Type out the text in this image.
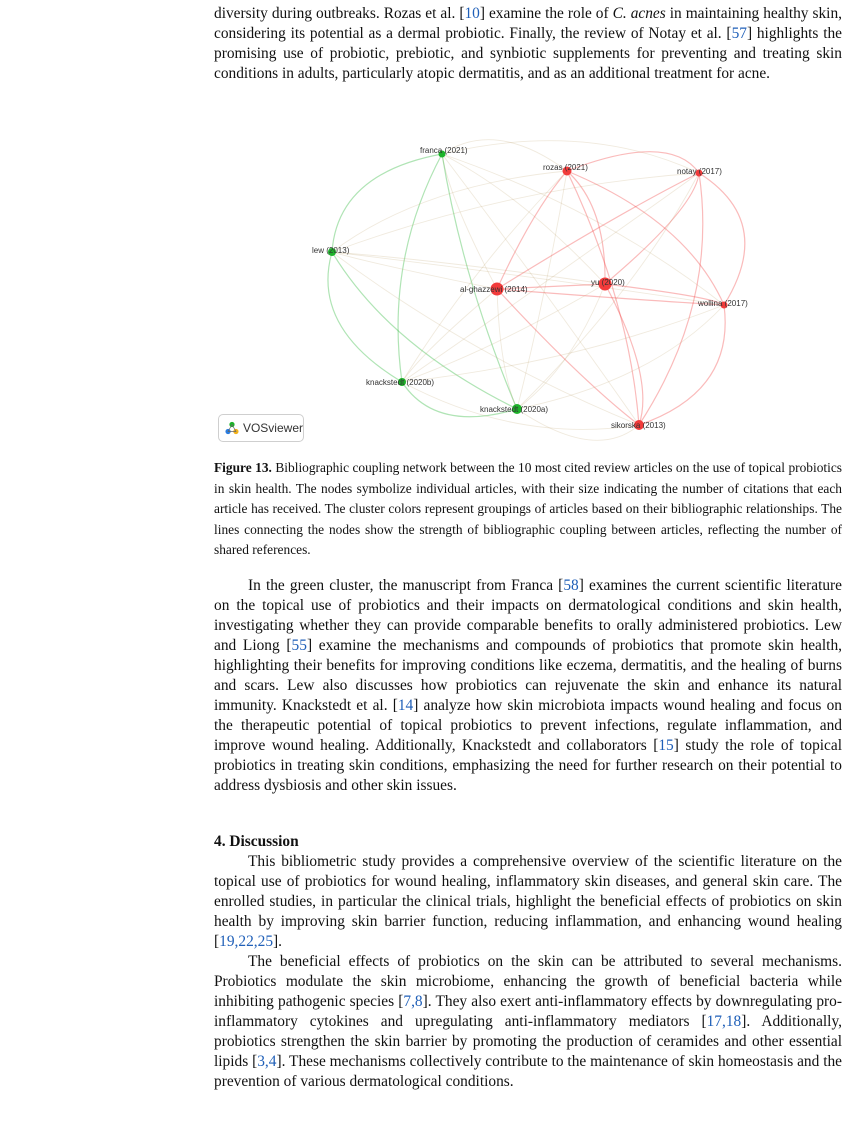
diversity during outbreaks. Rozas et al. [10] examine the role of C. acnes in maintaining healthy skin, considering its potential as a dermal probiotic. Finally, the review of Notay et al. [57] highlights the promising use of probiotic, prebiotic, and synbiotic supplements for preventing and treating skin conditions in adults, particularly atopic dermatitis, and as an additional treatment for acne.

franca (2021)
rozas (2021)	notay (2017)
lew (2013)
al-ghazzewi (2014)
yu (2020)
wollina (2017)
knackstedt (2020b)
knackstedt (2020a)
sikorska (2013)
VOSviewer

Figure 13. Bibliographic coupling network between the 10 most cited review articles on the use of topical probiotics in skin health. The nodes symbolize individual articles, with their size indicating the number of citations that each article has received. The cluster colors represent groupings of articles based on their bibliographic relationships. The lines connecting the nodes show the strength of bibliographic coupling between articles, reflecting the number of shared references.

In the green cluster, the manuscript from Franca [58] examines the current scientific literature on the topical use of probiotics and their impacts on dermatological conditions and skin health, investigating whether they can provide comparable benefits to orally administered probiotics. Lew and Liong [55] examine the mechanisms and compounds of probiotics that promote skin health, highlighting their benefits for improving conditions like eczema, dermatitis, and the healing of burns and scars. Lew also discusses how probiotics can rejuvenate the skin and enhance its natural immunity. Knackstedt et al. [14] analyze how skin microbiota impacts wound healing and focus on the therapeutic potential of topical probiotics to prevent infections, regulate inflammation, and improve wound healing. Additionally, Knackstedt and collaborators [15] study the role of topical probiotics in treating skin conditions, emphasizing the need for further research on their potential to address dysbiosis and other skin issues.

4. Discussion

This bibliometric study provides a comprehensive overview of the scientific literature on the topical use of probiotics for wound healing, inflammatory skin diseases, and general skin care. The enrolled studies, in particular the clinical trials, highlight the beneficial effects of probiotics on skin health by improving skin barrier function, reducing inflammation, and enhancing wound healing [19,22,25].

The beneficial effects of probiotics on the skin can be attributed to several mechanisms. Probiotics modulate the skin microbiome, enhancing the growth of beneficial bacteria while inhibiting pathogenic species [7,8]. They also exert anti-inflammatory effects by downregulating pro-inflammatory cytokines and upregulating anti-inflammatory mediators [17,18]. Additionally, probiotics strengthen the skin barrier by promoting the production of ceramides and other essential lipids [3,4]. These mechanisms collectively contribute to the maintenance of skin homeostasis and the prevention of various dermatological conditions.
